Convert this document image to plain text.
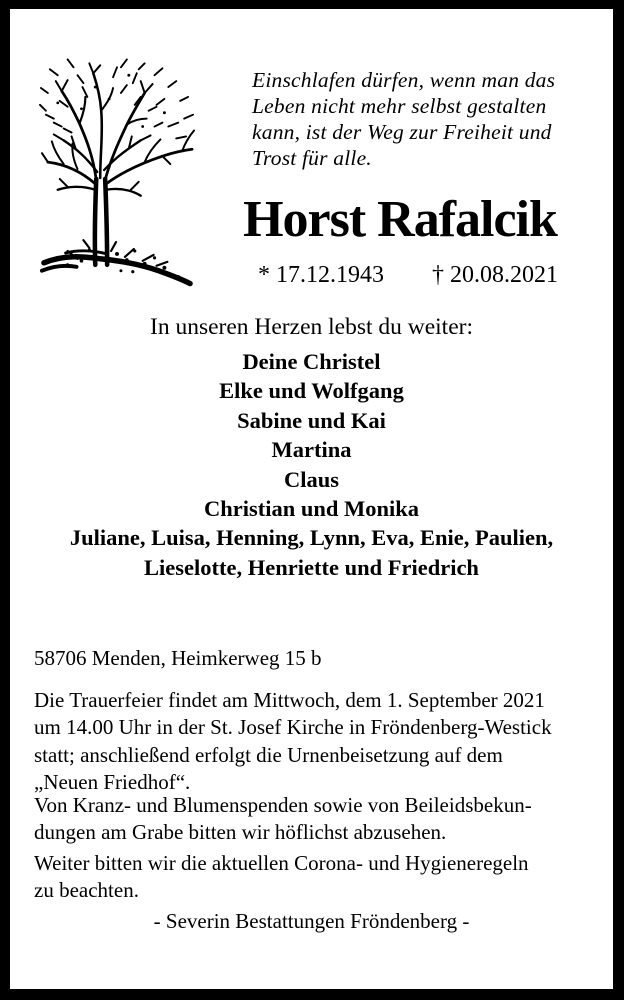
Einschlafen dürfen, wenn man das
Leben nicht mehr selbst gestalten
kann, ist der Weg zur Freiheit und
Trost für alle.
Horst Rafalcik
* 17.12.1943 † 20.08.2021
In unseren Herzen lebst du weiter:
Deine Christel
Elke und Wolfgang
Sabine und Kai
Martina
Claus
Christian und Monika
Juliane, Luisa, Henning, Lynn, Eva, Enie, Paulien,
Lieselotte, Henriette und Friedrich
58706 Menden, Heimkerweg 15 b
Die Trauerfeier findet am Mittwoch, dem 1. September 2021
um 14.00 Uhr in der St. Josef Kirche in Fröndenberg-Westick
statt; anschließend erfolgt die Urnenbeisetzung auf dem
„Neuen Friedhof“.
Von Kranz- und Blumenspenden sowie von Beileidsbekun-
dungen am Grabe bitten wir höflichst abzusehen.
Weiter bitten wir die aktuellen Corona- und Hygieneregeln
zu beachten.
- Severin Bestattungen Fröndenberg -
